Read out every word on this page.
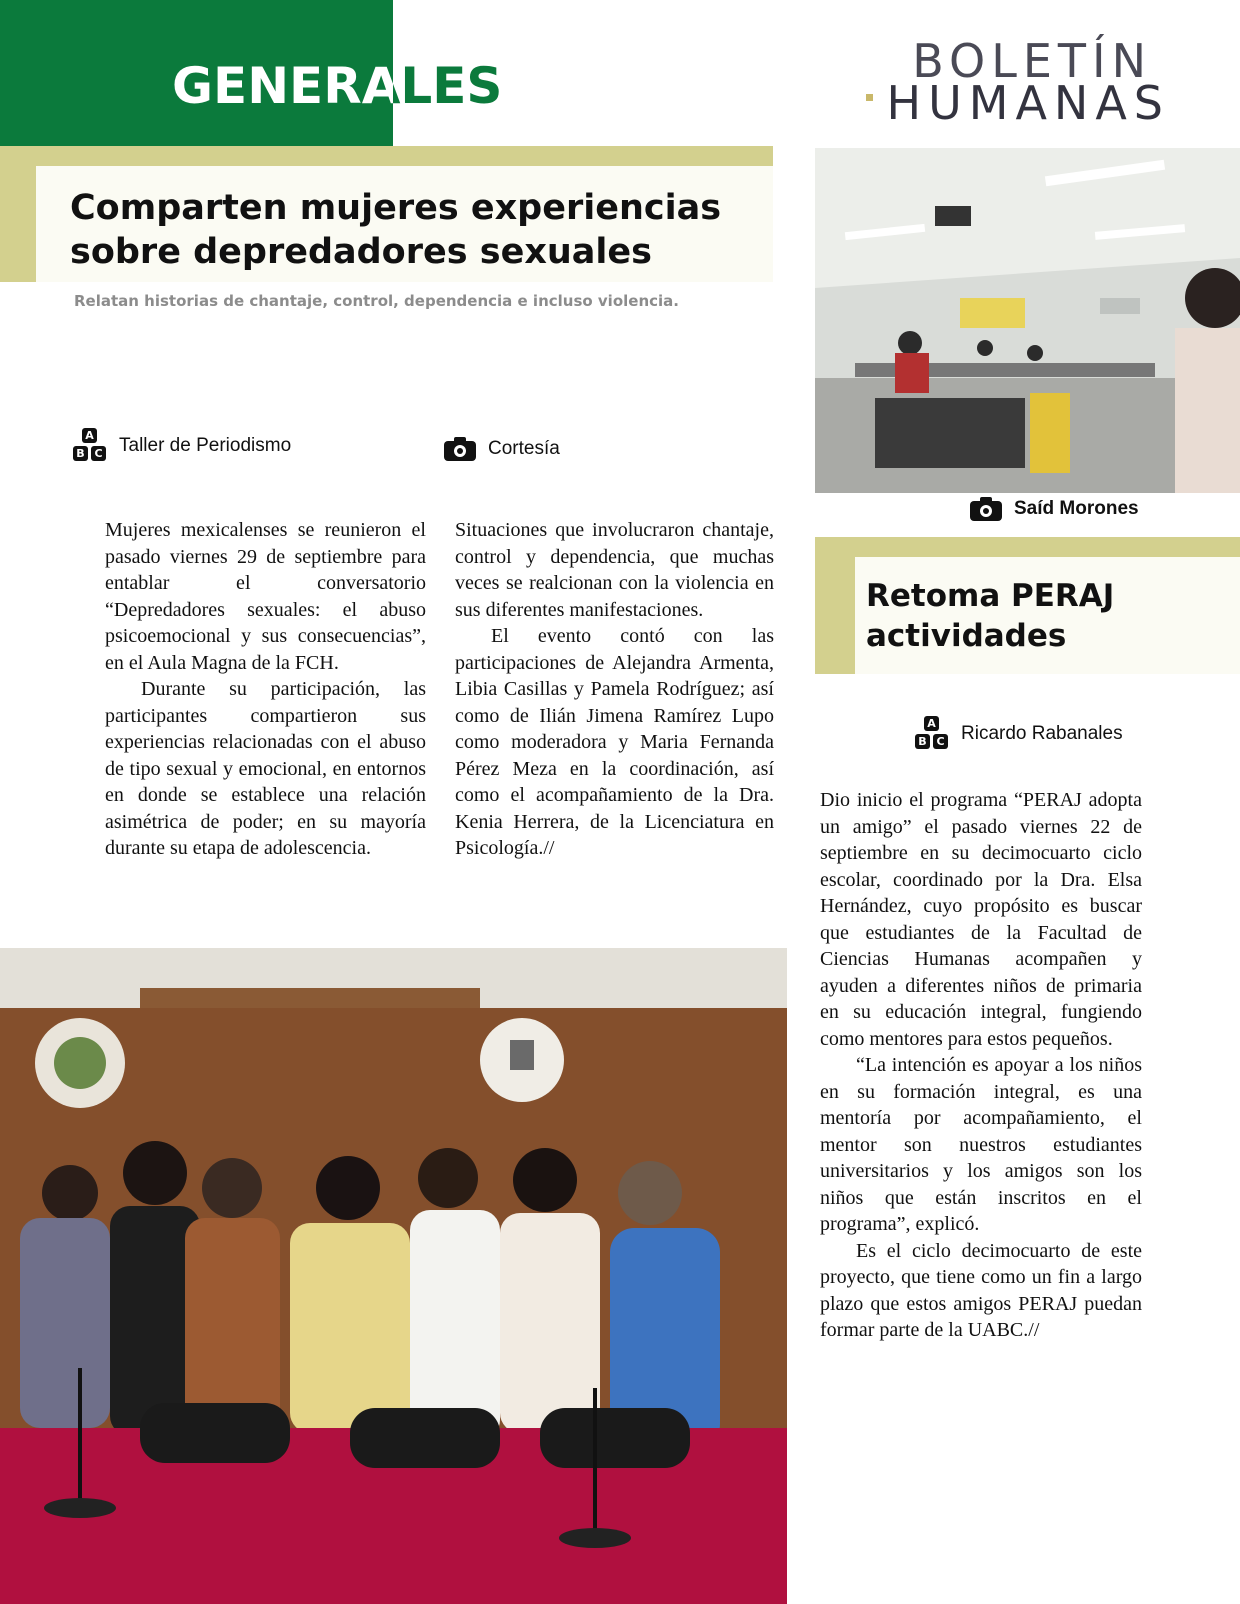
GENERALES	BOLETÍN
HUMANAS
Comparten mujeres experiencias sobre depredadores sexuales
Relatan historias de chantaje, control, dependencia e incluso violencia.
A
B C Taller de Periodismo	Cortesía

Mujeres mexicalenses se reunieron el pasado viernes 29 de septiembre para entablar el conversatorio “Depredadores sexuales: el abuso psicoemocional y sus consecuencias”, en el Aula Magna de la FCH.

Durante su participación, las participantes compartieron sus experiencias relacionadas con el abuso de tipo sexual y emocional, en entornos en donde se establece una relación asimétrica de poder; en su mayoría durante su etapa de adolescencia.

Situaciones que involucraron chantaje, control y dependencia, que muchas veces se realcionan con la violencia en sus diferentes manifestaciones.

El evento contó con las participaciones de Alejandra Armenta, Libia Casillas y Pamela Rodríguez; así como de Ilián Jimena Ramírez Lupo como moderadora y Maria Fernanda Pérez Meza en la coordinación, así como el acompañamiento de la Dra. Kenia Herrera, de la Licenciatura en Psicología.//

Saíd Morones
Retoma PERAJ actividades
A
B C Ricardo Rabanales

Dio inicio el programa “PERAJ adopta un amigo” el pasado viernes 22 de septiembre en su decimocuarto ciclo escolar, coordinado por la Dra. Elsa Hernández, cuyo propósito es buscar que estudiantes de la Facultad de Ciencias Humanas acompañen y ayuden a diferentes niños de primaria en su educación integral, fungiendo como mentores para estos pequeños.

“La intención es apoyar a los niños en su formación integral, es una mentoría por acompañamiento, el mentor son nuestros estudiantes universitarios y los amigos son los niños que están inscritos en el programa”, explicó.

Es el ciclo decimocuarto de este proyecto, que tiene como un fin a largo plazo que estos amigos PERAJ puedan formar parte de la UABC.//
